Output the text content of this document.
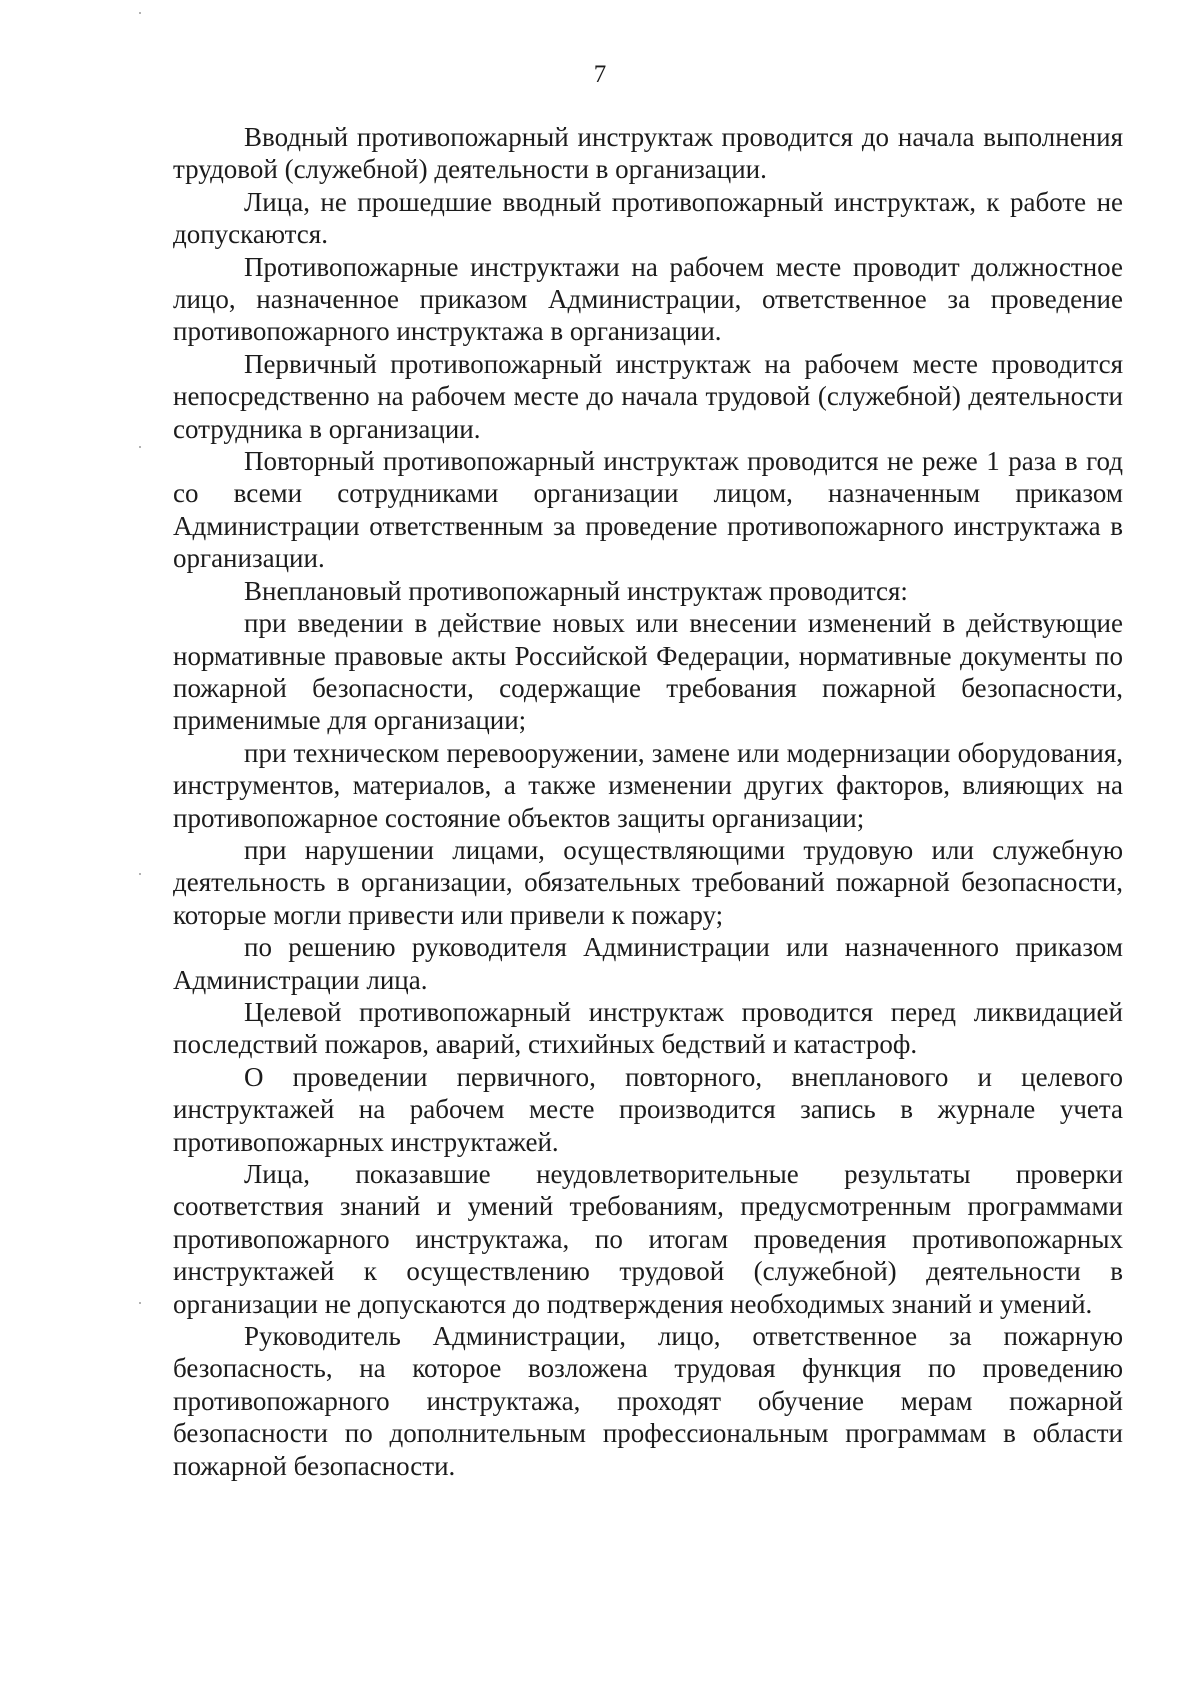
7

Вводный противопожарный инструктаж проводится до начала выполнения трудовой (служебной) деятельности в организации.

Лица, не прошедшие вводный противопожарный инструктаж, к работе не допускаются.

Противопожарные инструктажи на рабочем месте проводит должностное лицо, назначенное приказом Администрации, ответственное за проведение противопожарного инструктажа в организации.

Первичный противопожарный инструктаж на рабочем месте проводится непосредственно на рабочем месте до начала трудовой (служебной) деятельности сотрудника в организации.

Повторный противопожарный инструктаж проводится не реже 1 раза в год со всеми сотрудниками организации лицом, назначенным приказом Администрации ответственным за проведение противопожарного инструктажа в организации.

Внеплановый противопожарный инструктаж проводится:

при введении в действие новых или внесении изменений в действующие нормативные правовые акты Российской Федерации, нормативные документы по пожарной безопасности, содержащие требования пожарной безопасности, применимые для организации;

при техническом перевооружении, замене или модернизации оборудования, инструментов, материалов, а также изменении других факторов, влияющих на противопожарное состояние объектов защиты организации;

при нарушении лицами, осуществляющими трудовую или служебную деятельность в организации, обязательных требований пожарной безопасности, которые могли привести или привели к пожару;

по решению руководителя Администрации или назначенного приказом Администрации лица.

Целевой противопожарный инструктаж проводится перед ликвидацией последствий пожаров, аварий, стихийных бедствий и катастроф.

О проведении первичного, повторного, внепланового и целевого инструктажей на рабочем месте производится запись в журнале учета противопожарных инструктажей.

Лица, показавшие неудовлетворительные результаты проверки соответствия знаний и умений требованиям, предусмотренным программами противопожарного инструктажа, по итогам проведения противопожарных инструктажей к осуществлению трудовой (служебной) деятельности в организации не допускаются до подтверждения необходимых знаний и умений.

Руководитель Администрации, лицо, ответственное за пожарную безопасность, на которое возложена трудовая функция по проведению противопожарного инструктажа, проходят обучение мерам пожарной безопасности по дополнительным профессиональным программам в области пожарной безопасности.
